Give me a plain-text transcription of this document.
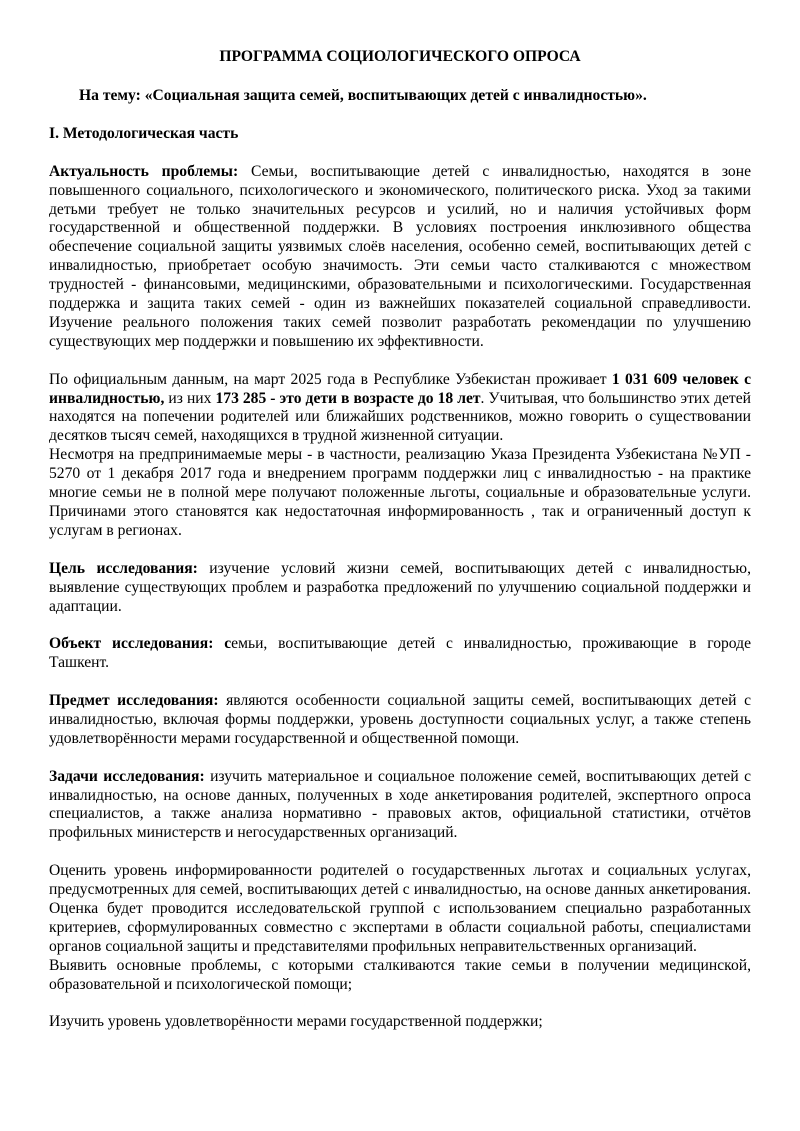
ПРОГРАММА СОЦИОЛОГИЧЕСКОГО ОПРОСА

На тему: «Социальная защита семей, воспитывающих детей с инвалидностью».

I. Методологическая часть

Актуальность проблемы: Семьи, воспитывающие детей с инвалидностью, находятся в зоне повышенного социального, психологического и экономического, политического риска. Уход за такими детьми требует не только значительных ресурсов и усилий, но и наличия устойчивых форм государственной и общественной поддержки. В условиях построения инклюзивного общества обеспечение социальной защиты уязвимых слоёв населения, особенно семей, воспитывающих детей с инвалидностью, приобретает особую значимость. Эти семьи часто сталкиваются с множеством трудностей - финансовыми, медицинскими, образовательными и психологическими. Государственная поддержка и защита таких семей - один из важнейших показателей социальной справедливости. Изучение реального положения таких семей позволит разработать рекомендации по улучшению существующих мер поддержки и повышению их эффективности.

По официальным данным, на март 2025 года в Республике Узбекистан проживает 1 031 609 человек с инвалидностью, из них 173 285 - это дети в возрасте до 18 лет. Учитывая, что большинство этих детей находятся на попечении родителей или ближайших родственников, можно говорить о существовании десятков тысяч семей, находящихся в трудной жизненной ситуации.

Несмотря на предпринимаемые меры - в частности, реализацию Указа Президента Узбекистана №УП - 5270 от 1 декабря 2017 года и внедрением программ поддержки лиц с инвалидностью - на практике многие семьи не в полной мере получают положенные льготы, социальные и образовательные услуги. Причинами этого становятся как недостаточная информированность , так и ограниченный доступ к услугам в регионах.

Цель исследования: изучение условий жизни семей, воспитывающих детей с инвалидностью, выявление существующих проблем и разработка предложений по улучшению социальной поддержки и адаптации.

Объект исследования: семьи, воспитывающие детей с инвалидностью, проживающие в городе Ташкент.

Предмет исследования: являются особенности социальной защиты семей, воспитывающих детей с инвалидностью, включая формы поддержки, уровень доступности социальных услуг, а также степень удовлетворённости мерами государственной и общественной помощи.

Задачи исследования: изучить материальное и социальное положение семей, воспитывающих детей с инвалидностью, на основе данных, полученных в ходе анкетирования родителей, экспертного опроса специалистов, а также анализа нормативно - правовых актов, официальной статистики, отчётов профильных министерств и негосударственных организаций.

Оценить уровень информированности родителей о государственных льготах и социальных услугах, предусмотренных для семей, воспитывающих детей с инвалидностью, на основе данных анкетирования. Оценка будет проводится исследовательской группой с использованием специально разработанных критериев, сформулированных совместно с экспертами в области социальной работы, специалистами органов социальной защиты и представителями профильных неправительственных организаций.

Выявить основные проблемы, с которыми сталкиваются такие семьи в получении медицинской, образовательной и психологической помощи;

Изучить уровень удовлетворённости мерами государственной поддержки;
